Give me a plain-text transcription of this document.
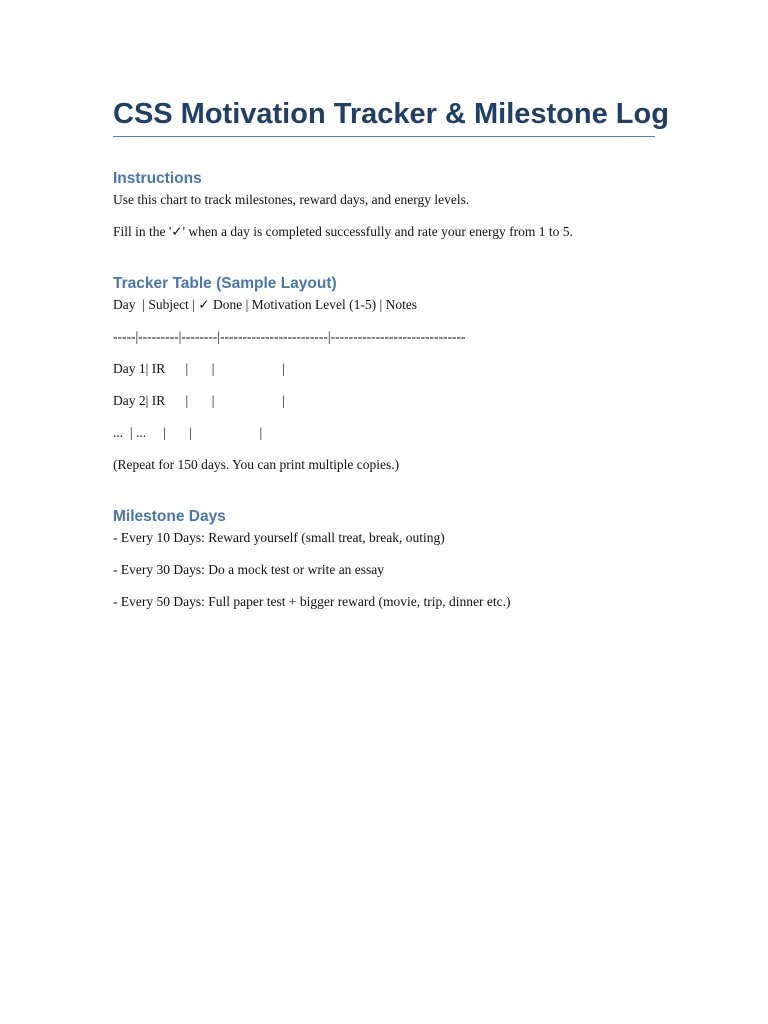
CSS Motivation Tracker & Milestone Log
Instructions

Use this chart to track milestones, reward days, and energy levels.

Fill in the '✓' when a day is completed successfully and rate your energy from 1 to 5.

Tracker Table (Sample Layout)

Day  | Subject | ✓ Done | Motivation Level (1-5) | Notes

-----|---------|--------|------------------------|------------------------------

Day 1| IR      |       |                    |

Day 2| IR      |       |                    |

...  | ...     |       |                    |

(Repeat for 150 days. You can print multiple copies.)

Milestone Days

- Every 10 Days: Reward yourself (small treat, break, outing)

- Every 30 Days: Do a mock test or write an essay

- Every 50 Days: Full paper test + bigger reward (movie, trip, dinner etc.)
